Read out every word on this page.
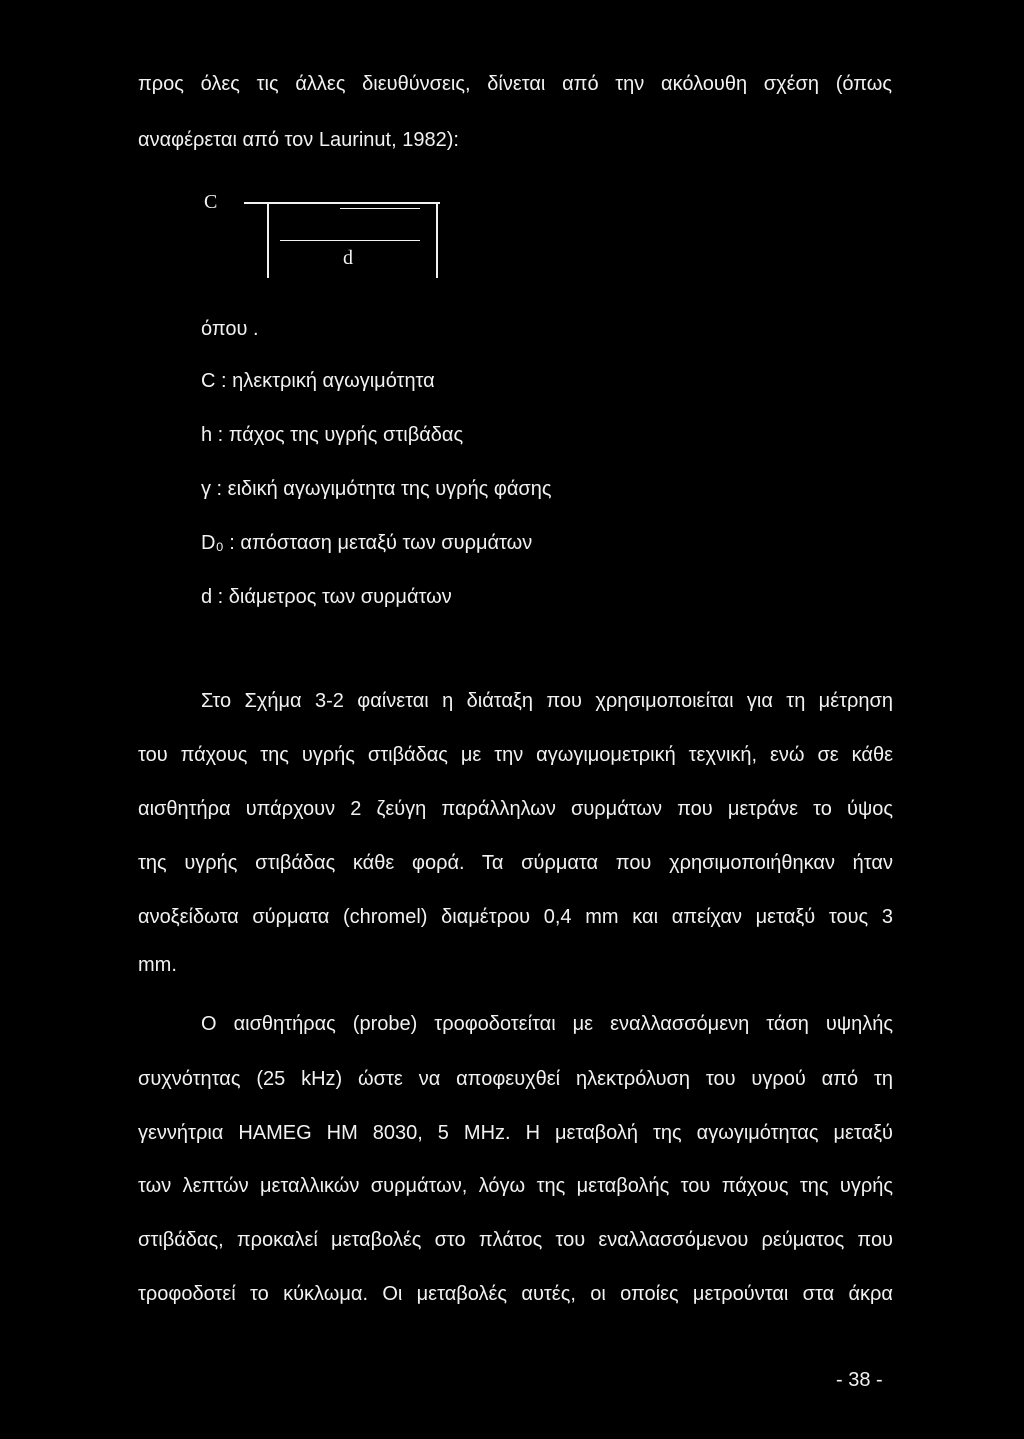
προς όλες τις άλλες διευθύνσεις, δίνεται από την ακόλουθη σχέση (όπως
αναφέρεται από τον Laurinut, 1982):
C
d
όπου .
C : ηλεκτρική αγωγιμότητα
h : πάχος της υγρής στιβάδας
γ : ειδική αγωγιμότητα της υγρής φάσης
D₀ : απόσταση μεταξύ των συρμάτων
d : διάμετρος των συρμάτων
Στο Σχήμα 3-2 φαίνεται η διάταξη που χρησιμοποιείται για τη μέτρηση
του πάχους της υγρής στιβάδας με την αγωγιμομετρική τεχνική, ενώ σε κάθε
αισθητήρα υπάρχουν 2 ζεύγη παράλληλων συρμάτων που μετράνε το ύψος
της υγρής στιβάδας κάθε φορά. Τα σύρματα που χρησιμοποιήθηκαν ήταν
ανοξείδωτα σύρματα (chromel) διαμέτρου 0,4 mm και απείχαν μεταξύ τους 3
mm.
Ο αισθητήρας (probe) τροφοδοτείται με εναλλασσόμενη τάση υψηλής
συχνότητας (25 kHz) ώστε να αποφευχθεί ηλεκτρόλυση του υγρού από τη
γεννήτρια HAMEG HM 8030, 5 MHz. Η μεταβολή της αγωγιμότητας μεταξύ
των λεπτών μεταλλικών συρμάτων, λόγω της μεταβολής του πάχους της υγρής
στιβάδας, προκαλεί μεταβολές στο πλάτος του εναλλασσόμενου ρεύματος που
τροφοδοτεί το κύκλωμα. Οι μεταβολές αυτές, οι οποίες μετρούνται στα άκρα
- 38 -
